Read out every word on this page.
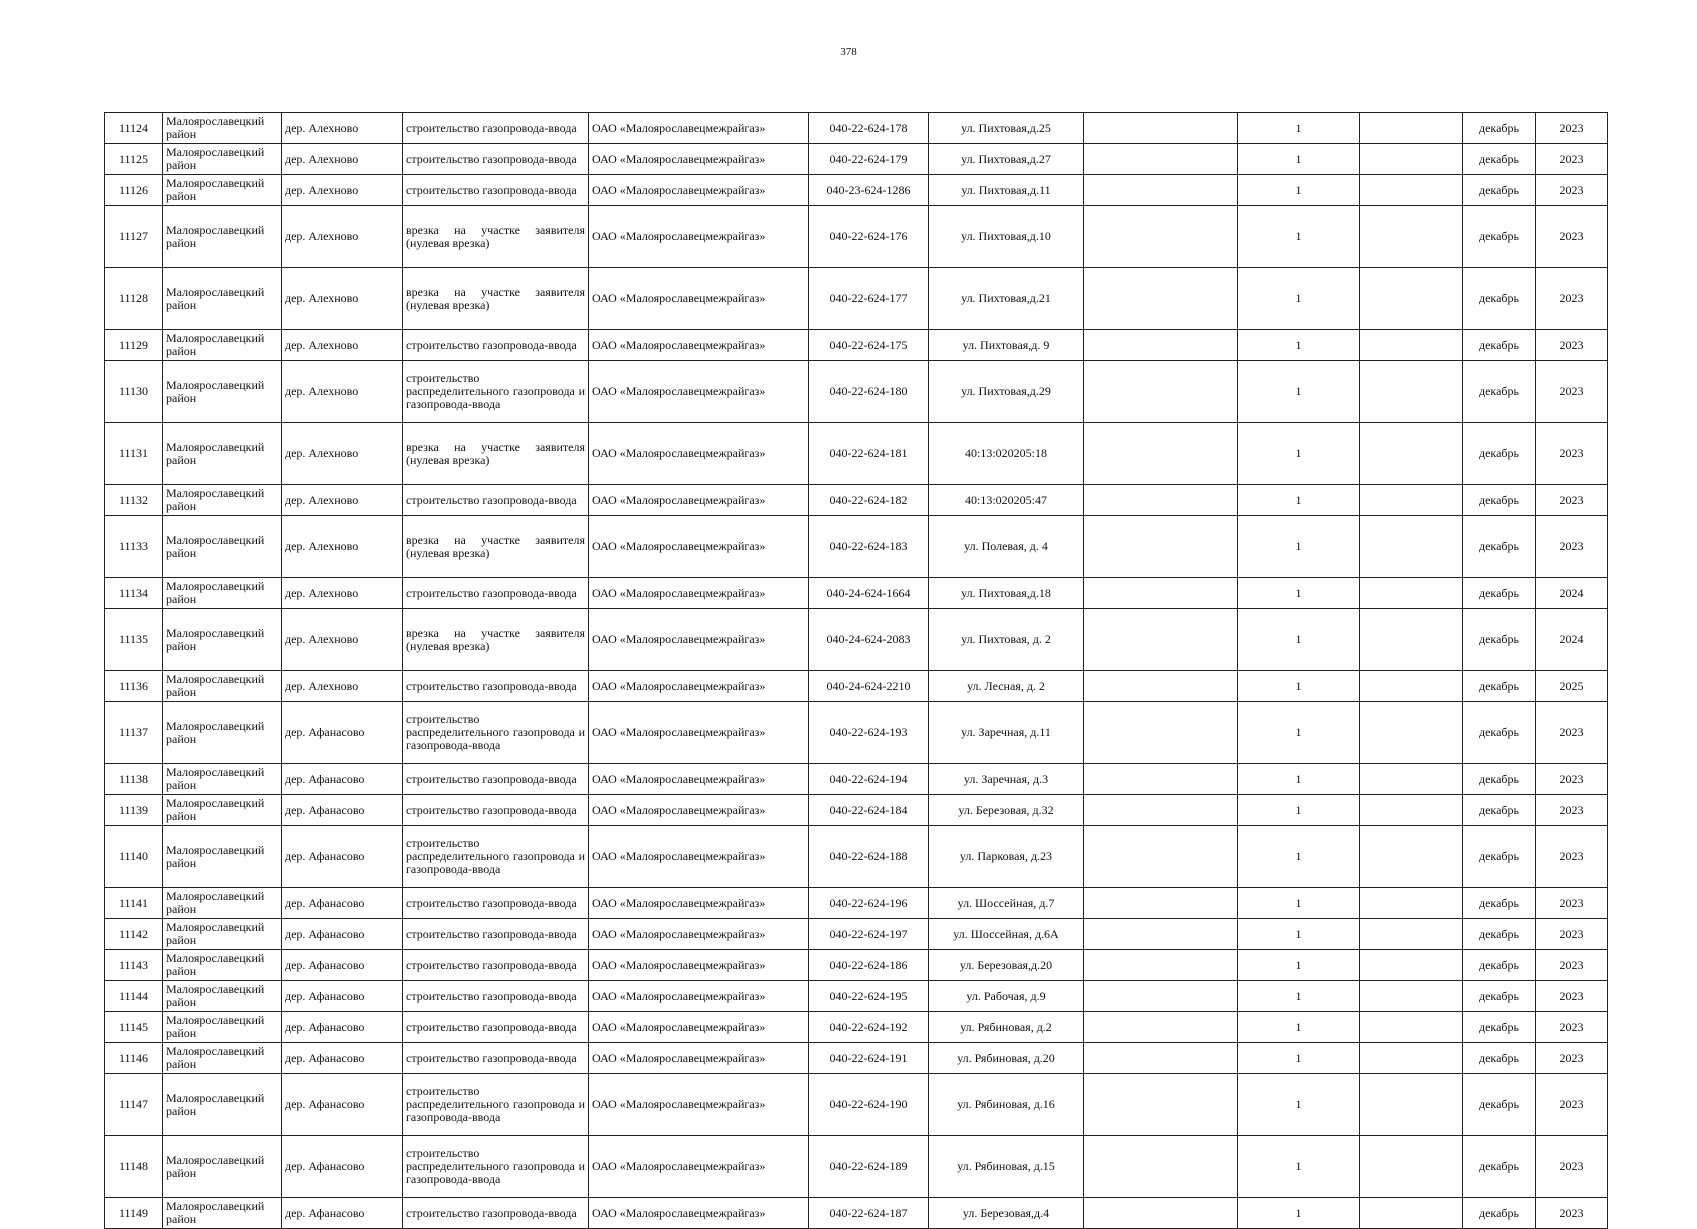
378
11124	Малоярославецкий район	дер. Алехново	строительство газопровода-ввода	ОАО «Малоярославецмежрайгаз»	040-22-624-178	ул. Пихтовая,д.25		1		декабрь	2023
11125	Малоярославецкий район	дер. Алехново	строительство газопровода-ввода	ОАО «Малоярославецмежрайгаз»	040-22-624-179	ул. Пихтовая,д.27		1		декабрь	2023
11126	Малоярославецкий район	дер. Алехново	строительство газопровода-ввода	ОАО «Малоярославецмежрайгаз»	040-23-624-1286	ул. Пихтовая,д.11		1		декабрь	2023
11127	Малоярославецкий район	дер. Алехново	врезка на участке заявителя (нулевая врезка)	ОАО «Малоярославецмежрайгаз»	040-22-624-176	ул. Пихтовая,д.10		1		декабрь	2023
11128	Малоярославецкий район	дер. Алехново	врезка на участке заявителя (нулевая врезка)	ОАО «Малоярославецмежрайгаз»	040-22-624-177	ул. Пихтовая,д.21		1		декабрь	2023
11129	Малоярославецкий район	дер. Алехново	строительство газопровода-ввода	ОАО «Малоярославецмежрайгаз»	040-22-624-175	ул. Пихтовая,д. 9		1		декабрь	2023
11130	Малоярославецкий район	дер. Алехново	строительство распределительного газопровода и газопровода-ввода	ОАО «Малоярославецмежрайгаз»	040-22-624-180	ул. Пихтовая,д.29		1		декабрь	2023
11131	Малоярославецкий район	дер. Алехново	врезка на участке заявителя (нулевая врезка)	ОАО «Малоярославецмежрайгаз»	040-22-624-181	40:13:020205:18		1		декабрь	2023
11132	Малоярославецкий район	дер. Алехново	строительство газопровода-ввода	ОАО «Малоярославецмежрайгаз»	040-22-624-182	40:13:020205:47		1		декабрь	2023
11133	Малоярославецкий район	дер. Алехново	врезка на участке заявителя (нулевая врезка)	ОАО «Малоярославецмежрайгаз»	040-22-624-183	ул. Полевая, д. 4		1		декабрь	2023
11134	Малоярославецкий район	дер. Алехново	строительство газопровода-ввода	ОАО «Малоярославецмежрайгаз»	040-24-624-1664	ул. Пихтовая,д.18		1		декабрь	2024
11135	Малоярославецкий район	дер. Алехново	врезка на участке заявителя (нулевая врезка)	ОАО «Малоярославецмежрайгаз»	040-24-624-2083	ул. Пихтовая, д. 2		1		декабрь	2024
11136	Малоярославецкий район	дер. Алехново	строительство газопровода-ввода	ОАО «Малоярославецмежрайгаз»	040-24-624-2210	ул. Лесная, д. 2		1		декабрь	2025
11137	Малоярославецкий район	дер. Афанасово	строительство распределительного газопровода и газопровода-ввода	ОАО «Малоярославецмежрайгаз»	040-22-624-193	ул. Заречная, д.11		1		декабрь	2023
11138	Малоярославецкий район	дер. Афанасово	строительство газопровода-ввода	ОАО «Малоярославецмежрайгаз»	040-22-624-194	ул. Заречная, д.3		1		декабрь	2023
11139	Малоярославецкий район	дер. Афанасово	строительство газопровода-ввода	ОАО «Малоярославецмежрайгаз»	040-22-624-184	ул. Березовая, д.32		1		декабрь	2023
11140	Малоярославецкий район	дер. Афанасово	строительство распределительного газопровода и газопровода-ввода	ОАО «Малоярославецмежрайгаз»	040-22-624-188	ул. Парковая, д.23		1		декабрь	2023
11141	Малоярославецкий район	дер. Афанасово	строительство газопровода-ввода	ОАО «Малоярославецмежрайгаз»	040-22-624-196	ул. Шоссейная, д.7		1		декабрь	2023
11142	Малоярославецкий район	дер. Афанасово	строительство газопровода-ввода	ОАО «Малоярославецмежрайгаз»	040-22-624-197	ул. Шоссейная, д.6А		1		декабрь	2023
11143	Малоярославецкий район	дер. Афанасово	строительство газопровода-ввода	ОАО «Малоярославецмежрайгаз»	040-22-624-186	ул. Березовая,д.20		1		декабрь	2023
11144	Малоярославецкий район	дер. Афанасово	строительство газопровода-ввода	ОАО «Малоярославецмежрайгаз»	040-22-624-195	ул. Рабочая, д.9		1		декабрь	2023
11145	Малоярославецкий район	дер. Афанасово	строительство газопровода-ввода	ОАО «Малоярославецмежрайгаз»	040-22-624-192	ул. Рябиновая, д.2		1		декабрь	2023
11146	Малоярославецкий район	дер. Афанасово	строительство газопровода-ввода	ОАО «Малоярославецмежрайгаз»	040-22-624-191	ул. Рябиновая, д.20		1		декабрь	2023
11147	Малоярославецкий район	дер. Афанасово	строительство распределительного газопровода и газопровода-ввода	ОАО «Малоярославецмежрайгаз»	040-22-624-190	ул. Рябиновая, д.16		1		декабрь	2023
11148	Малоярославецкий район	дер. Афанасово	строительство распределительного газопровода и газопровода-ввода	ОАО «Малоярославецмежрайгаз»	040-22-624-189	ул. Рябиновая, д.15		1		декабрь	2023
11149	Малоярославецкий район	дер. Афанасово	строительство газопровода-ввода	ОАО «Малоярославецмежрайгаз»	040-22-624-187	ул. Березовая,д.4		1		декабрь	2023
